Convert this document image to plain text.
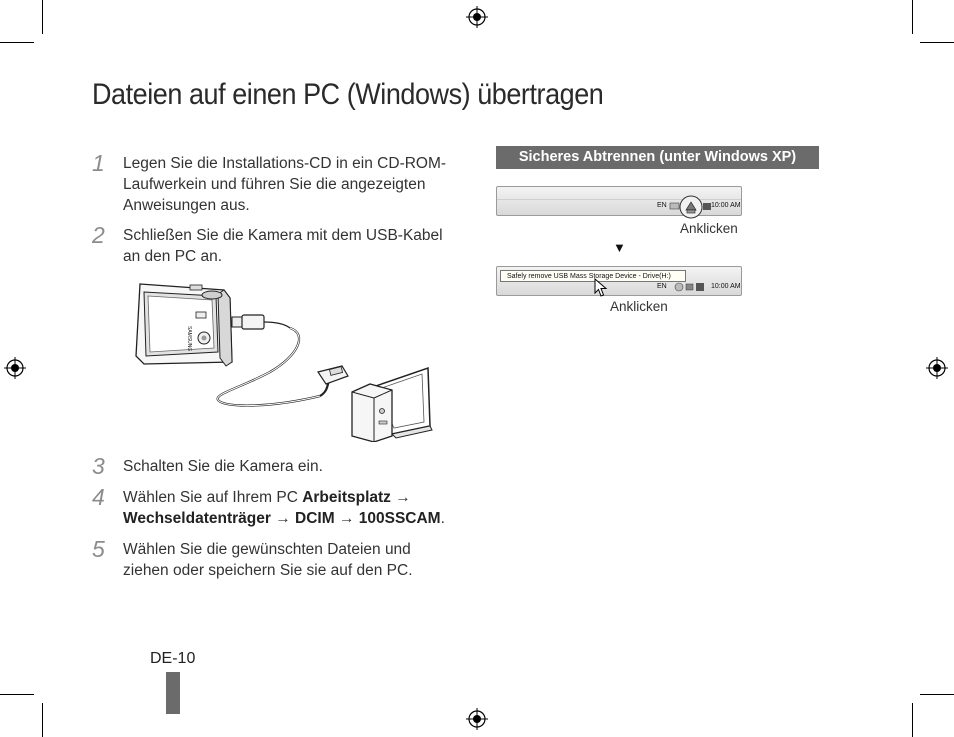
Dateien auf einen PC (Windows) übertragen
1 Legen Sie die Installations-CD in ein CD-ROM-
Laufwerkein und führen Sie die angezeigten
Anweisungen aus.
2 Schließen Sie die Kamera mit dem USB-Kabel
an den PC an.
SAMSUNG
3 Schalten Sie die Kamera ein.
4 Wählen Sie auf Ihrem PC Arbeitsplatz →
Wechseldatenträger → DCIM → 100SSCAM.
5 Wählen Sie die gewünschten Dateien und
ziehen oder speichern Sie sie auf den PC.
Sicheres Abtrennen (unter Windows XP)
EN	10:00 AM
Anklicken
▼
EN	10:00 AM
Safely remove USB Mass Storage Device - Drive(H:)
Anklicken
DE-10
